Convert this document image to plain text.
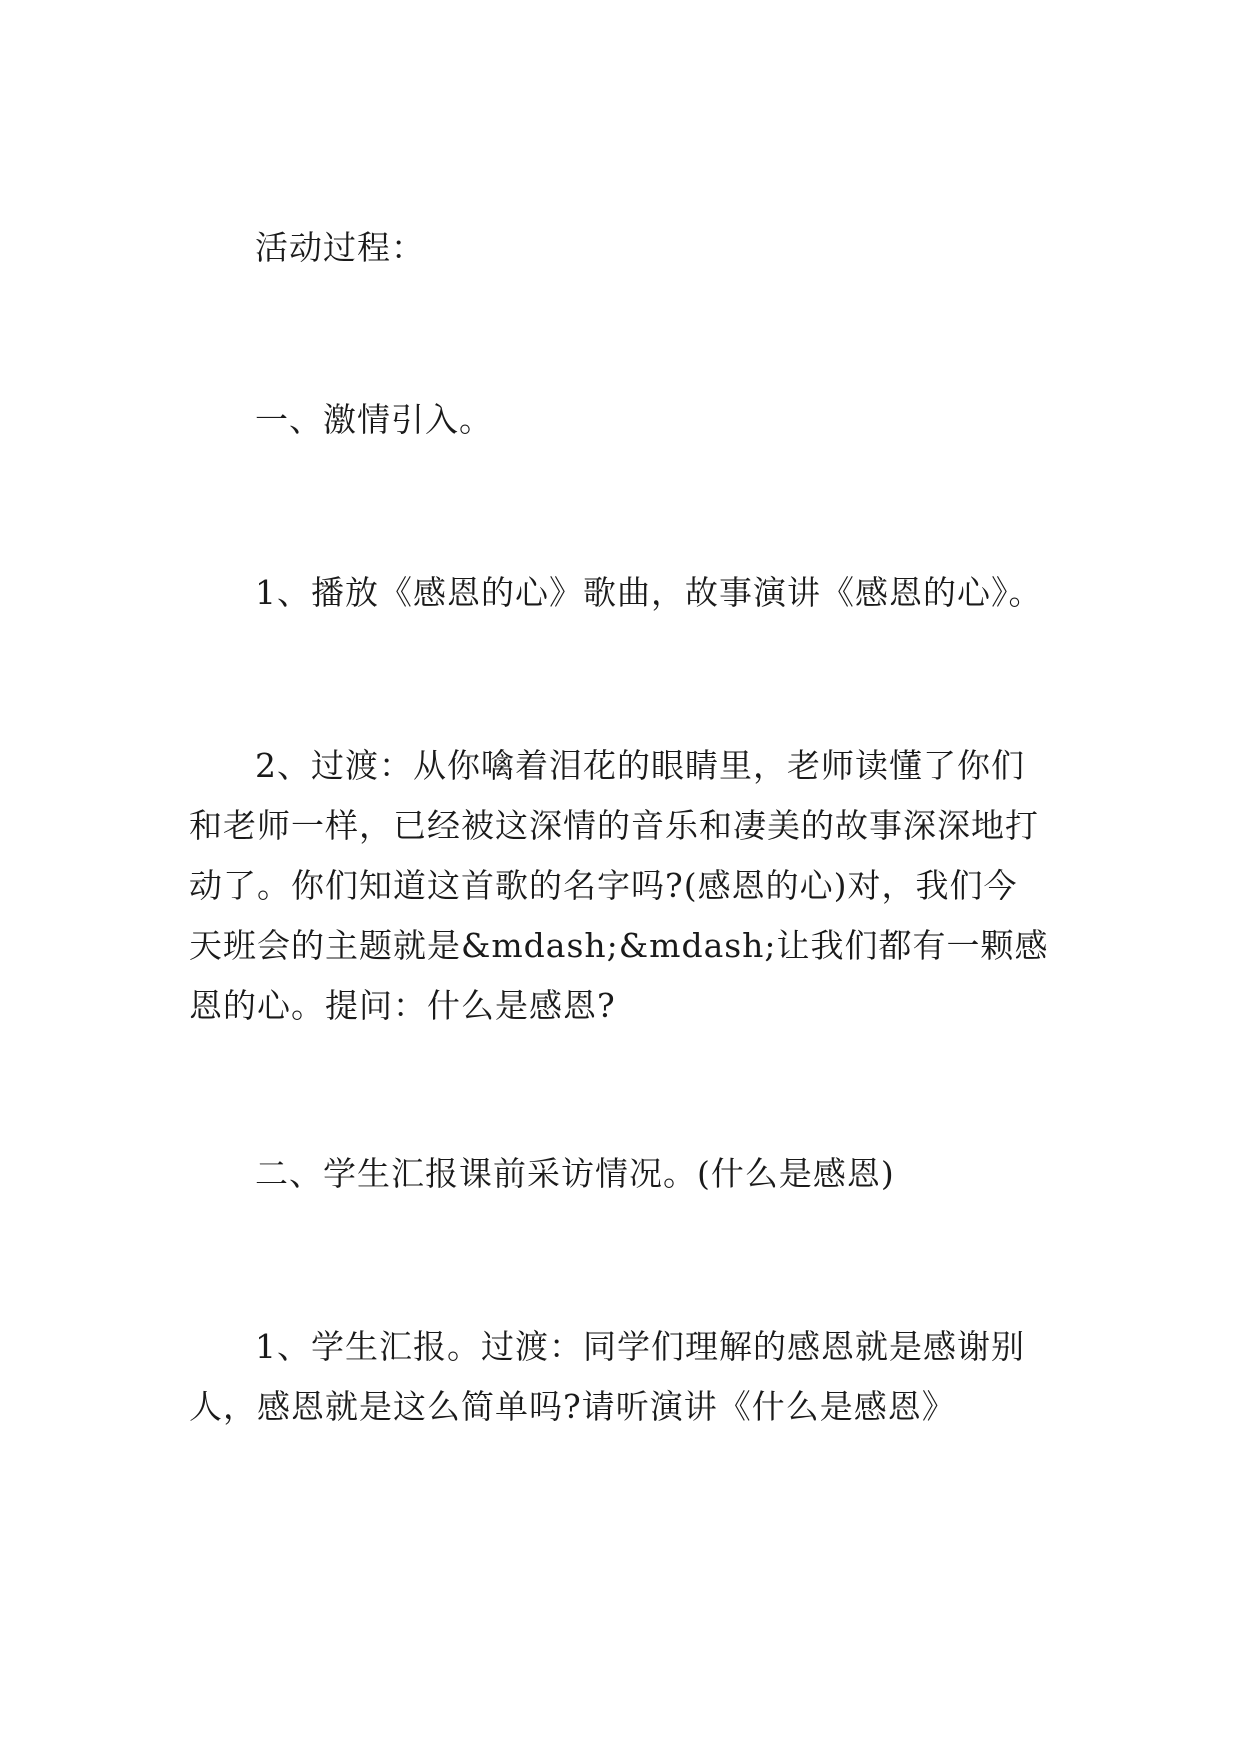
活动过程：

一、激情引入。

1、播放《感恩的心》歌曲，故事演讲《感恩的心》。

2、过渡：从你噙着泪花的眼睛里，老师读懂了你们和老师一样，已经被这深情的音乐和凄美的故事深深地打动了。你们知道这首歌的名字吗?(感恩的心)对，我们今天班会的主题就是&mdash;&mdash;让我们都有一颗感恩的心。提问：什么是感恩?

二、学生汇报课前采访情况。(什么是感恩)

1、学生汇报。过渡：同学们理解的感恩就是感谢别人，感恩就是这么简单吗?请听演讲《什么是感恩》
